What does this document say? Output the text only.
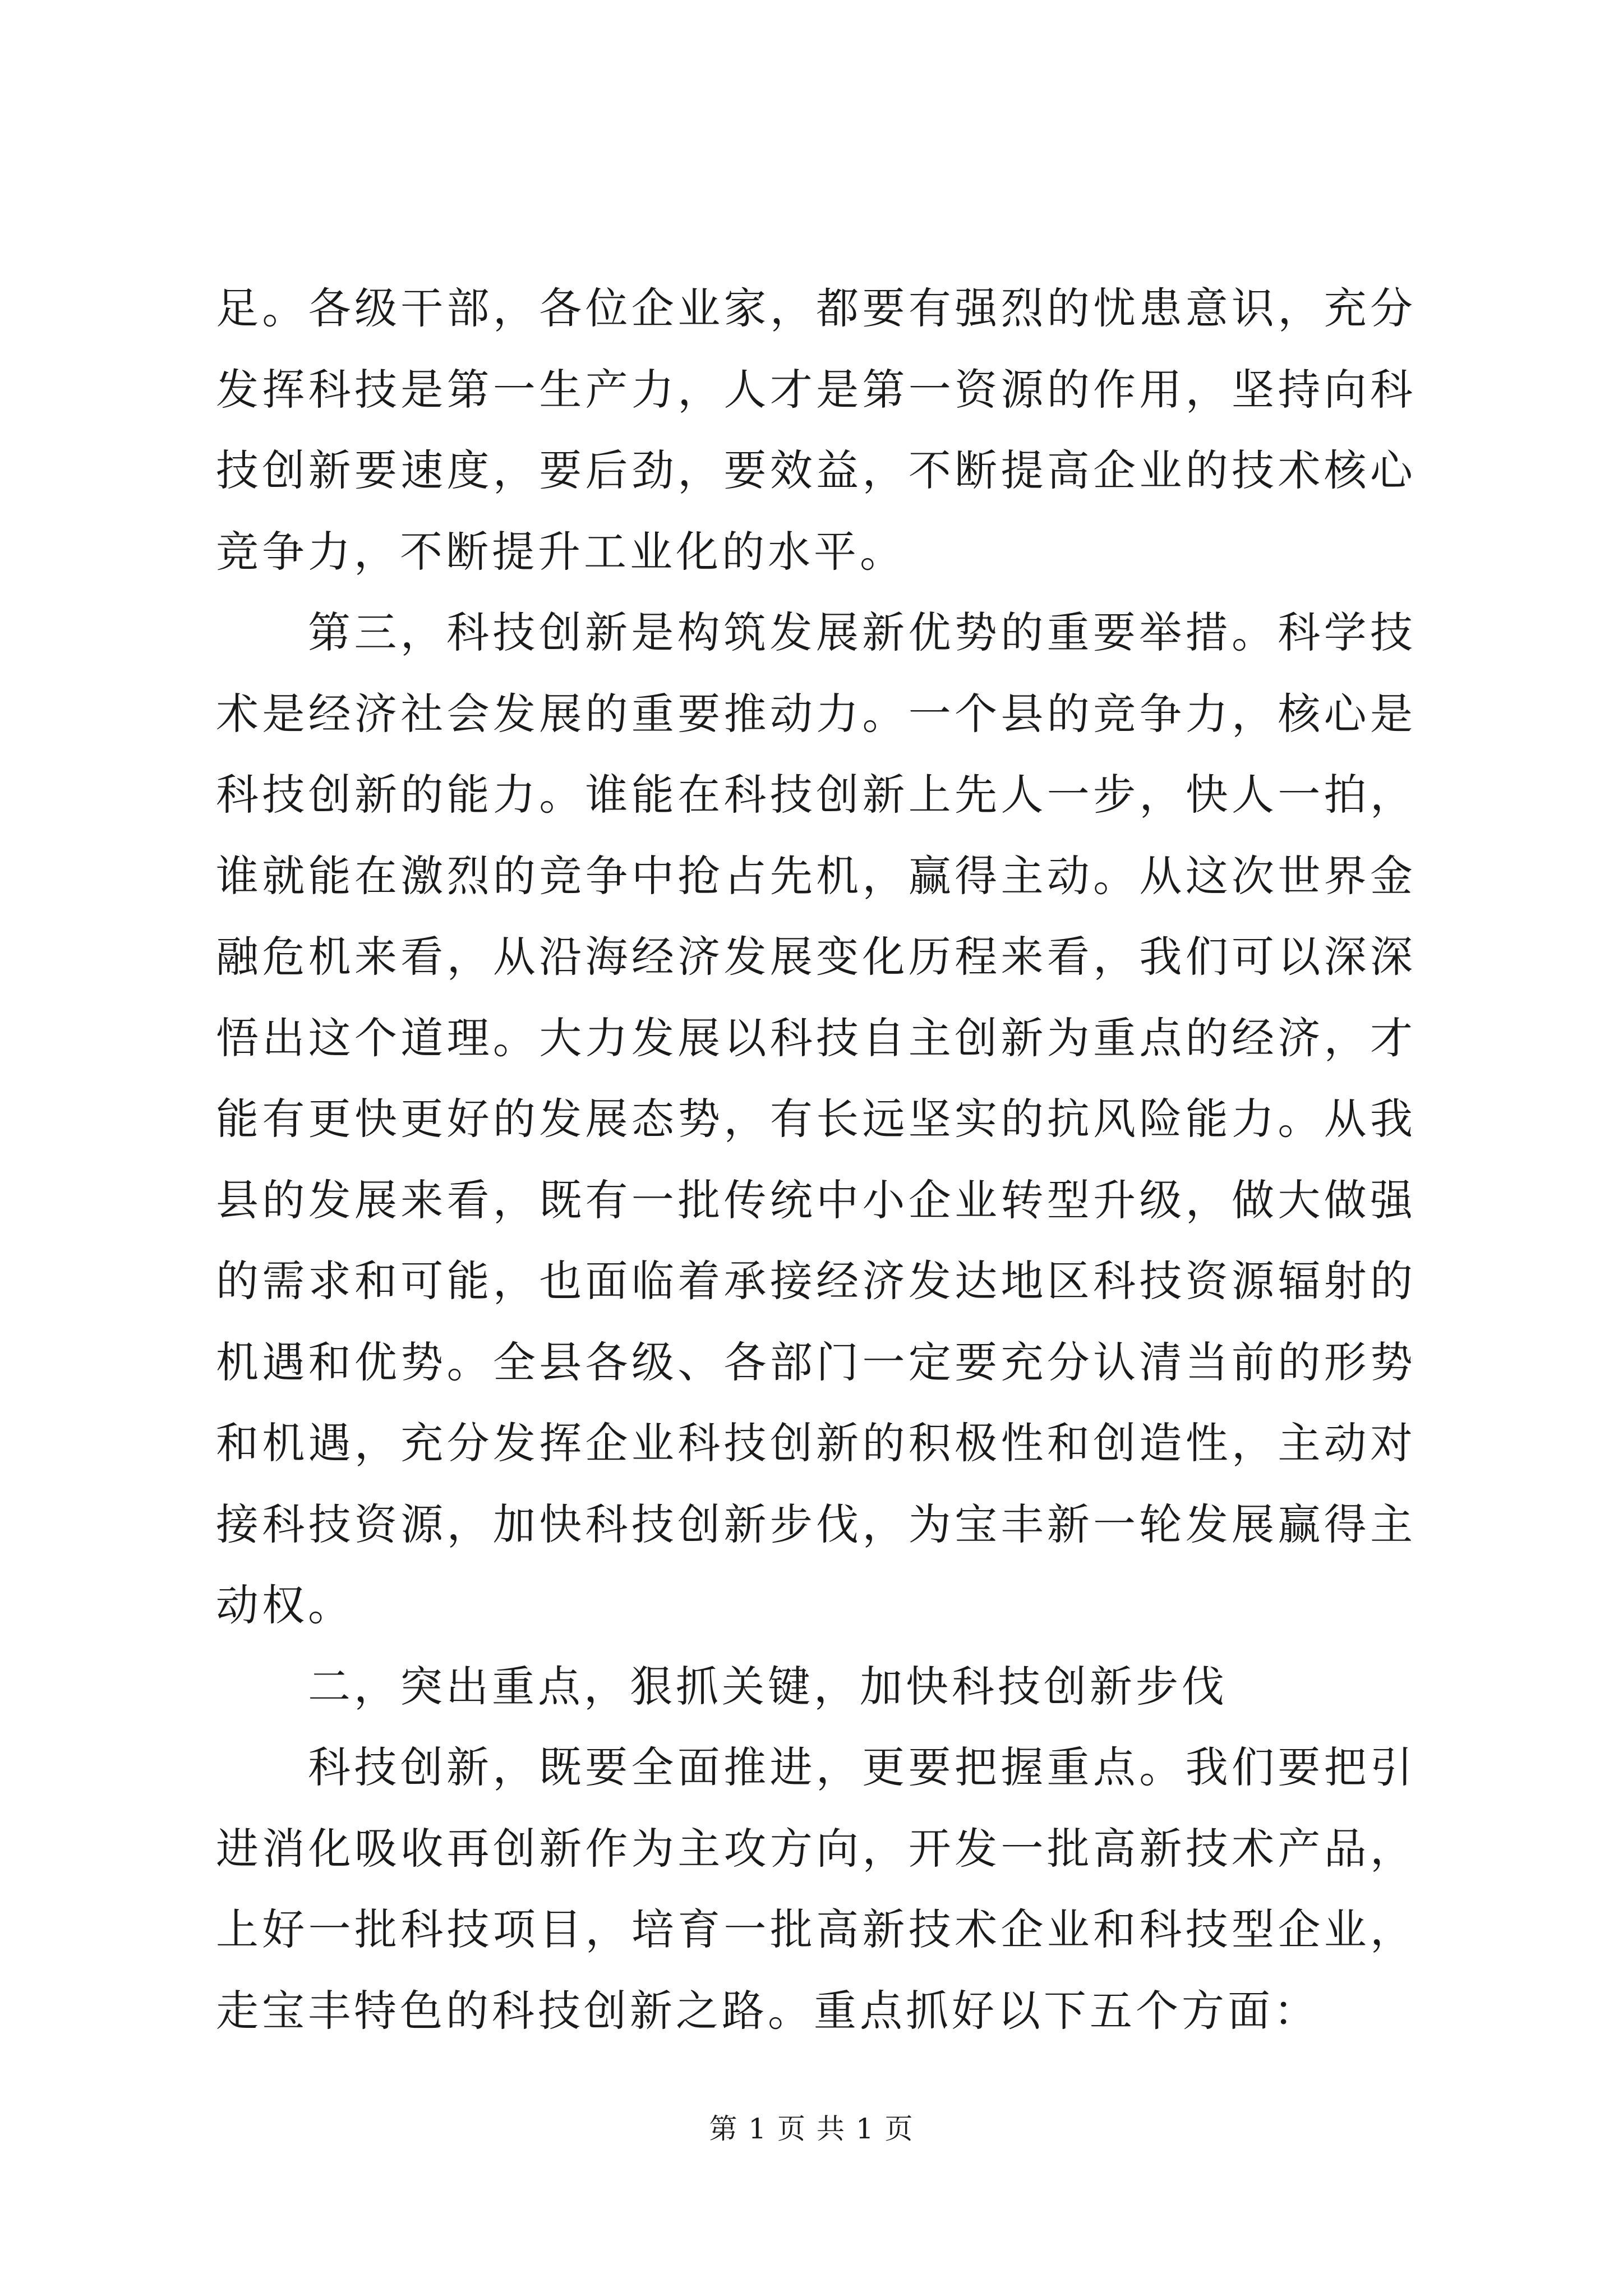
足。各级干部，各位企业家，都要有强烈的忧患意识，充分发挥科技是第一生产力，人才是第一资源的作用，坚持向科技创新要速度，要后劲，要效益，不断提高企业的技术核心竞争力，不断提升工业化的水平。

第三，科技创新是构筑发展新优势的重要举措。科学技术是经济社会发展的重要推动力。一个县的竞争力，核心是科技创新的能力。谁能在科技创新上先人一步，快人一拍，谁就能在激烈的竞争中抢占先机，赢得主动。从这次世界金融危机来看，从沿海经济发展变化历程来看，我们可以深深悟出这个道理。大力发展以科技自主创新为重点的经济，才能有更快更好的发展态势，有长远坚实的抗风险能力。从我县的发展来看，既有一批传统中小企业转型升级，做大做强的需求和可能，也面临着承接经济发达地区科技资源辐射的机遇和优势。全县各级、各部门一定要充分认清当前的形势和机遇，充分发挥企业科技创新的积极性和创造性，主动对接科技资源，加快科技创新步伐，为宝丰新一轮发展赢得主动权。

二，突出重点，狠抓关键，加快科技创新步伐

科技创新，既要全面推进，更要把握重点。我们要把引进消化吸收再创新作为主攻方向，开发一批高新技术产品，上好一批科技项目，培育一批高新技术企业和科技型企业，走宝丰特色的科技创新之路。重点抓好以下五个方面：

第 1 页 共 1 页
